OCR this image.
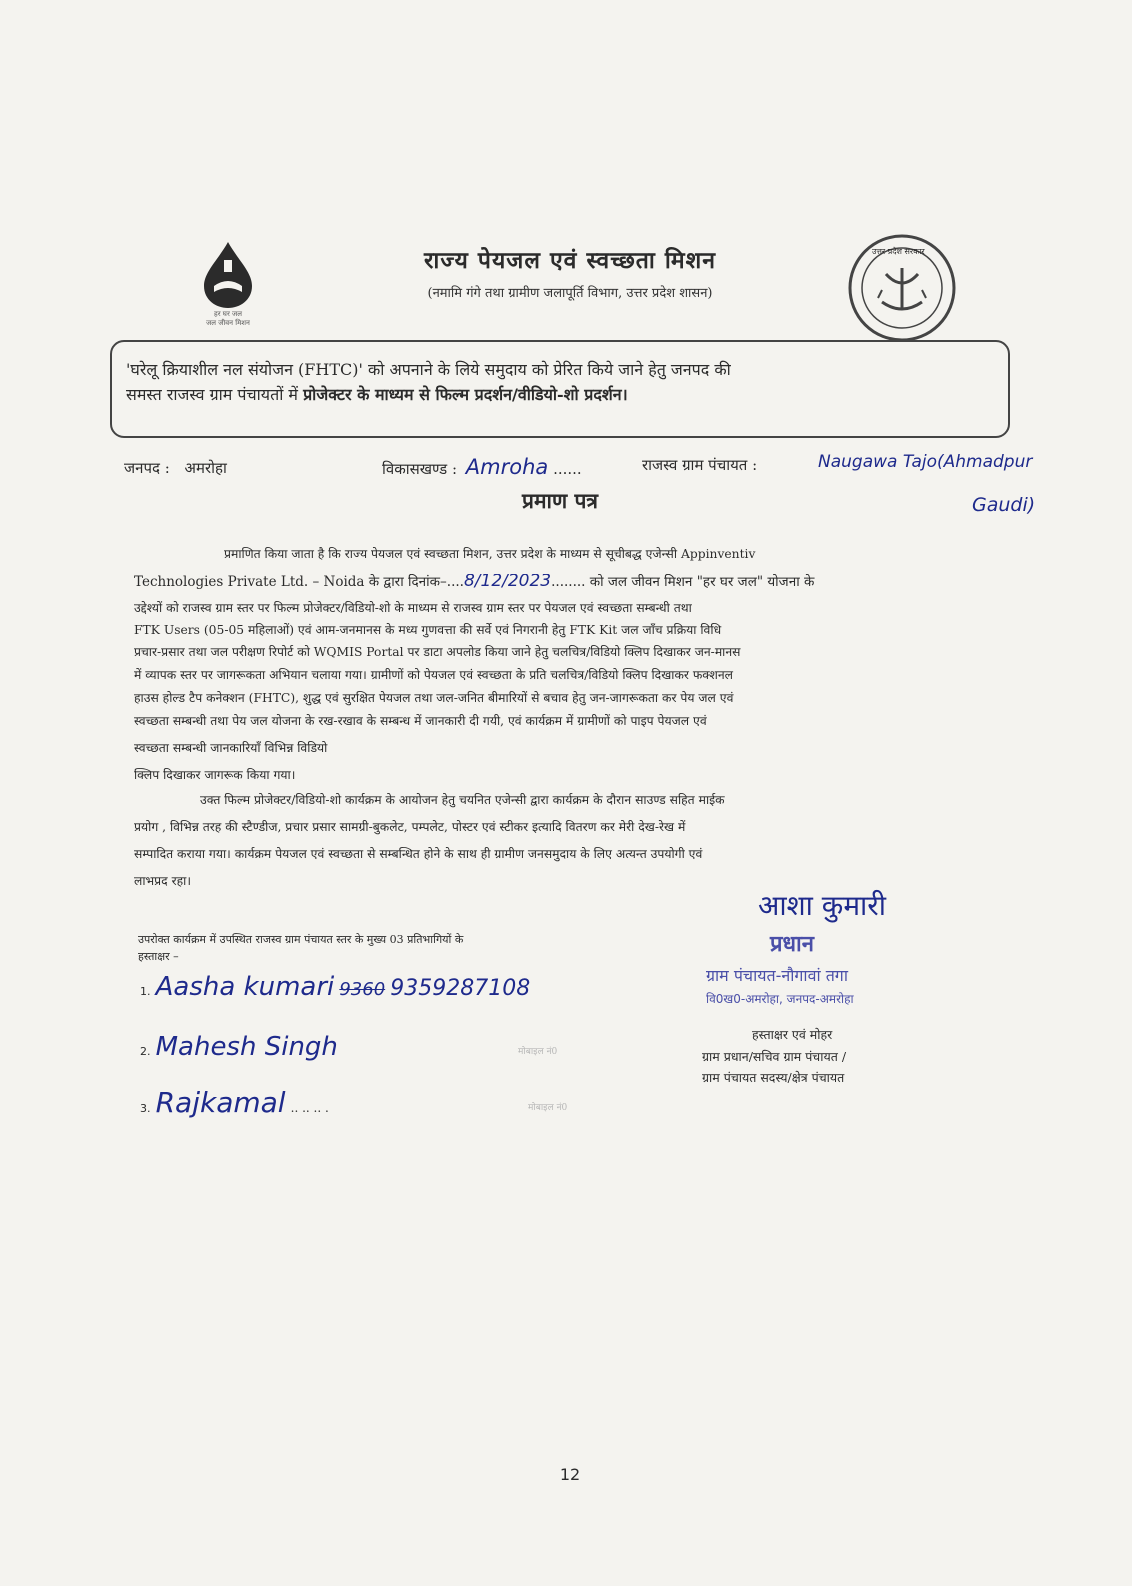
हर घर जल
जल जीवन मिशन
राज्य पेयजल एवं स्वच्छता मिशन
(नमामि गंगे तथा ग्रामीण जलापूर्ति विभाग, उत्तर प्रदेश शासन)
उत्तर प्रदेश सरकार

'घरेलू क्रियाशील नल संयोजन (FHTC)' को अपनाने के लिये समुदाय को प्रेरित किये जाने हेतु जनपद की

समस्त राजस्व ग्राम पंचायतों में प्रोजेक्टर के माध्यम से फिल्म प्रदर्शन/वीडियो-शो प्रदर्शन।

जनपद : अमरोहा	विकासखण्ड : Amroha ......	राजस्व ग्राम पंचायत :	Naugawa Tajo(Ahmadpur
Gaudi)
प्रमाण पत्र
प्रमाणित किया जाता है कि राज्य पेयजल एवं स्वच्छता मिशन, उत्तर प्रदेश के माध्यम से सूचीबद्ध एजेन्सी Appinventiv
Technologies Private Ltd. – Noida के द्वारा दिनांक–....8/12/2023........ को जल जीवन मिशन "हर घर जल" योजना के
उद्देश्यों को राजस्व ग्राम स्तर पर फिल्म प्रोजेक्टर/विडियो-शो के माध्यम से राजस्व ग्राम स्तर पर पेयजल एवं स्वच्छता सम्बन्धी तथा
FTK Users (05-05 महिलाओं) एवं आम-जनमानस के मध्य गुणवत्ता की सर्वे एवं निगरानी हेतु FTK Kit जल जाँच प्रक्रिया विधि
प्रचार-प्रसार तथा जल परीक्षण रिपोर्ट को WQMIS Portal पर डाटा अपलोड किया जाने हेतु चलचित्र/विडियो क्लिप दिखाकर जन-मानस
में व्यापक स्तर पर जागरूकता अभियान चलाया गया। ग्रामीणों को पेयजल एवं स्वच्छता के प्रति चलचित्र/विडियो क्लिप दिखाकर फक्शनल
हाउस होल्ड टैप कनेक्शन (FHTC), शुद्ध एवं सुरक्षित पेयजल तथा जल-जनित बीमारियों से बचाव हेतु जन-जागरूकता कर पेय जल एवं
स्वच्छता सम्बन्धी तथा पेय जल योजना के रख-रखाव के सम्बन्ध में जानकारी दी गयी, एवं कार्यक्रम में ग्रामीणों को पाइप पेयजल एवं
स्वच्छता सम्बन्धी जानकारियाँ विभिन्न विडियो
क्लिप दिखाकर जागरूक किया गया।
उक्त फिल्म प्रोजेक्टर/विडियो-शो कार्यक्रम के आयोजन हेतु चयनित एजेन्सी द्वारा कार्यक्रम के दौरान साउण्ड सहित माईक
प्रयोग , विभिन्न तरह की स्टैण्डीज, प्रचार प्रसार सामग्री-बुकलेट, पम्पलेट, पोस्टर एवं स्टीकर इत्यादि वितरण कर मेरी देख-रेख में
सम्पादित कराया गया। कार्यक्रम पेयजल एवं स्वच्छता से सम्बन्धित होने के साथ ही ग्रामीण जनसमुदाय के लिए अत्यन्त उपयोगी एवं
लाभप्रद रहा।
उपरोक्त कार्यक्रम में उपस्थित राजस्व ग्राम पंचायत स्तर के मुख्य 03 प्रतिभागियों के
हस्ताक्षर –
1. Aasha kumari 9360 9359287108
2. Mahesh Singh	मोबाइल नं0
3. Rajkamal .. .. .. .	मोबाइल नं0
आशा कुमारी
प्रधान
ग्राम पंचायत-नौगावां तगा
वि0ख0-अमरोहा, जनपद-अमरोहा
हस्ताक्षर एवं मोहर
ग्राम प्रधान/सचिव ग्राम पंचायत /
ग्राम पंचायत सदस्य/क्षेत्र पंचायत
12
